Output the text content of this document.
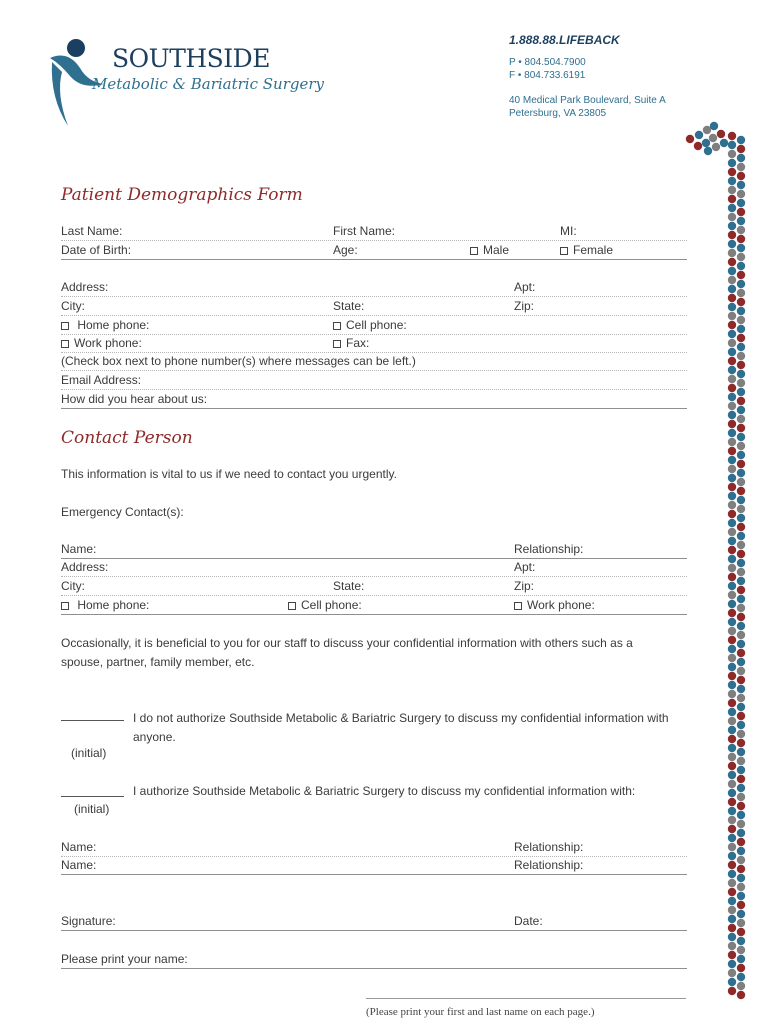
SOUTHSIDE
Metabolic & Bariatric Surgery
1.888.88.LIFEBACK
P • 804.504.7900
F • 804.733.6191
40 Medical Park Boulevard, Suite A
Petersburg, VA 23805
Patient Demographics Form
Last Name:	First Name:	MI:
Date of Birth:	Age:	Male	Female
Address:	Apt:
City:	State:	Zip:
Home phone:	Cell phone:
Work phone:	Fax:
(Check box next to phone number(s) where messages can be left.)
Email Address:
How did you hear about us:
Contact Person
This information is vital to us if we need to contact you urgently.
Emergency Contact(s):
Name:	Relationship:
Address:	Apt:
City:	State:	Zip:
Home phone:	Cell phone:	Work phone:
Occasionally, it is beneficial to you for our staff to discuss your confidential information with others such as a spouse, partner, family member, etc.
I do not authorize Southside Metabolic & Bariatric Surgery to discuss my confidential information with anyone.
(initial)
I authorize Southside Metabolic & Bariatric Surgery to discuss my confidential information with:
(initial)
Name:	Relationship:
Name:	Relationship:
Signature:	Date:
Please print your name:
(Please print your first and last name on each page.)
